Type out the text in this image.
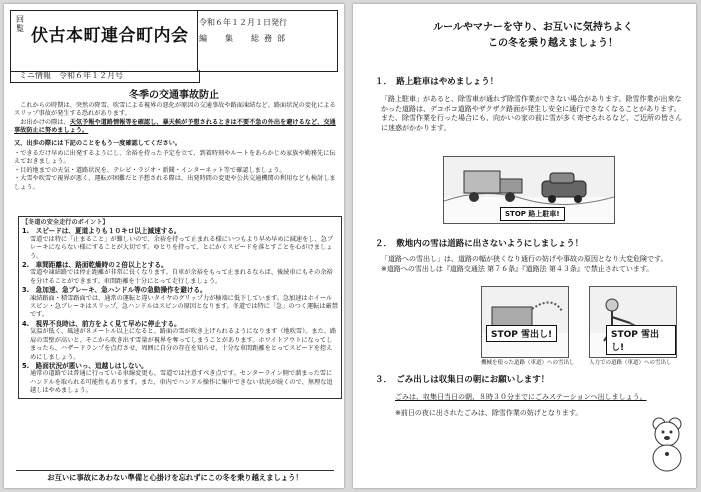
回
覧 伏古本町連合町内会
令和６年１２月１日発行
編　集　総務部
ミニ情報　令和６年１２月号
冬季の交通事故防止

これからの時期は、突然の降雪、吹雪による視界の悪化が原因の交通事故や路面凍結など、路面状況の変化によるスリップ事故が発生する恐れがあります。

お出かけの際は、天気予報や道路情報等を確認し、暴天候が予想されるときは不要不急の外出を避けるなど、交通事故防止に努めましょう。

又、出歩の際には下記のことをもう一度確認してください。

・できるだけ早めに出発するようにし、余裕を持った予定を立て、到着時刻やルートをあらかじめ家族や勤務先に伝えておきましょう。

・目的地までの天気・道路状況を、テレビ・ラジオ・新聞・インターネット等で確認しましょう。

・大雪や吹雪で視界が悪く、運転が困難だと予想される際は、出発時間の変更や公共交通機関の利用なども検討しましょう。

【冬道の安全走行のポイント】
1.　スピードは、夏道よりも１０キロ以上減速する。
雪道では特に「止まること」が難しいので、余裕を持って止まれる様にいつもより早め早めに減速をし、急ブレーキにならない様にすることが大切です。ゆとりを持って、とにかくスピードを落とすことを心がけましょう。
2.　車間距離は、路面乾燥時の２倍以上とする。
雪道や凍結路では停止距離が非常に長くなります。自車が余裕をもって止まれるならば、後続車にもその余裕を分けることができます。車間距離を十分にとって走行しましょう。
3.　急加速、急ブレーキ、急ハンドル等の急動操作を避ける。
凍結路面・積雪路面では、通常の運転と違いタイヤのグリップ力が極端に低下しています。急加速はホイールスピン・急ブレーキはスリップ、急ハンドルはスピンの原因となります。冬道では特に「急」のつく運転は厳禁です。
4.　視界不良時は、前方をよく見て早めに停止する。
気温が低く、風速が８メートル以上になると、路面の雪が吹き上げられるようになります（地吹雪）。また、路肩の雪壁が高いと、そこから吹き出す雪量が視界を奪ってしまうことがあります。ホワイトアウトになってしまったら、ハザードランプを点灯させ、周囲に自分の存在を知らせ、十分な車間距離をとってスピードを控えめにしましょう。
5.　路面状況が悪いっ、追越しはしない。
通常の道路では普通に行っている車線変更も、雪道では注意すべき点です。センターライン側で溜まった雪にハンドルを取られる可能性もあります。また、車内でハンドル操作に集中できない状況が続くので、無理な追越しはやめましょう。
お互いに事故にあわない準備と心掛けを忘れずにこの冬を乗り越えましょう！
ルールやマナーを守り、お互いに気持ちよく
この冬を乗り越えましょう！
１．　路上駐車はやめましょう！
「路上駐車」があると、除雪車が通れず除雪作業ができない場合があります。除雪作業が出来なかった道路は、デコボコ道路やザクザク路面が発生し安全に通行できなくなることがあります。また、除雪作業を行った場合にも、向かいの家の前に雪が多く寄せられるなど、ご近所の皆さんに迷惑がかかります。
STOP 路上駐車!
２．　敷地内の雪は道路に出さないようにしましょう！
「道路への雪出し」は、道路の幅が狭くなり通行の妨げや事故の原因となり大変危険です。
※道路への雪出しは『道路交通法 第７６条』『道路法 第４３条』で禁止されています。
STOP 雪出し!
機械を使った道路（車道）への雪出し
STOP 雪出し!
人力での道路（車道）への雪出し
３．　ごみ出しは収集日の朝にお願いします！
ごみは、収集日当日の朝、８時３０分までにごみステーションへ出しましょう。
※前日の夜に出されたごみは、除雪作業の妨げとなります。
